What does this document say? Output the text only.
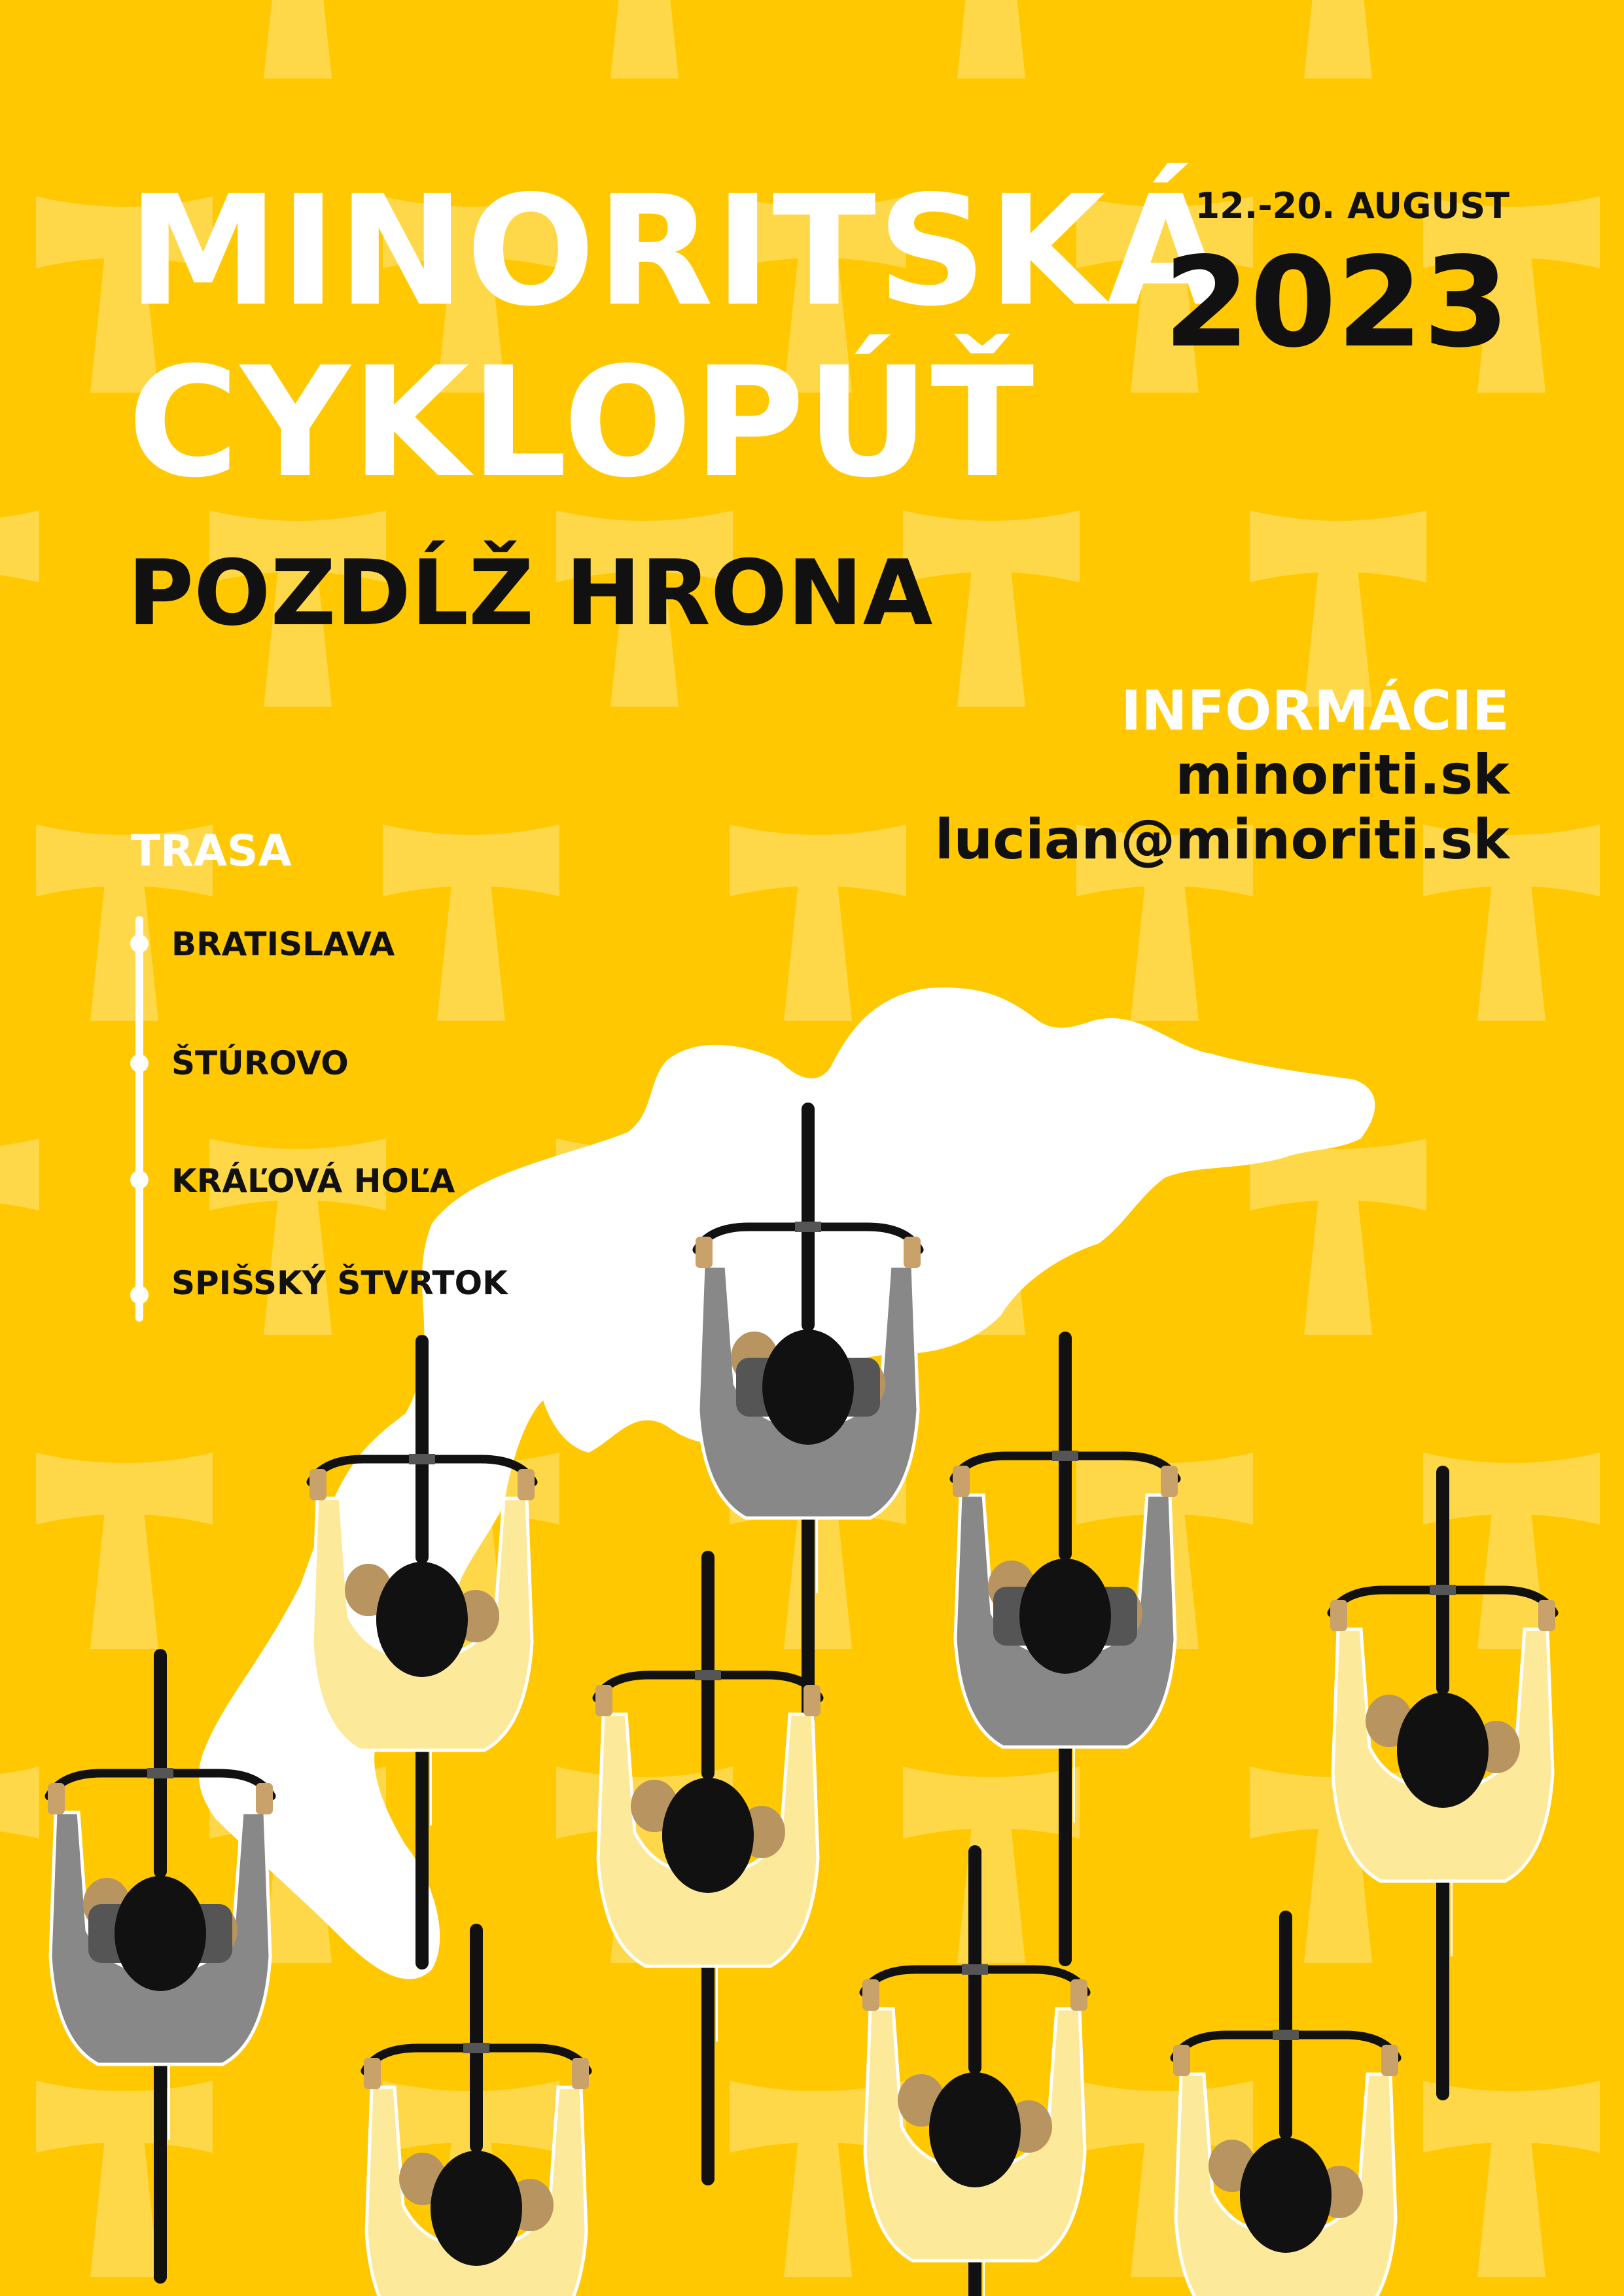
MINORITSKÁ
CYKLOPÚŤ
POZDĹŽ HRONA
12.-20. AUGUST
2023
INFORMÁCIE
minoriti.sk
lucian@minoriti.sk
TRASA
BRATISLAVA
ŠTÚROVO
KRÁĽOVÁ HOĽA
SPIŠSKÝ ŠTVRTOK
